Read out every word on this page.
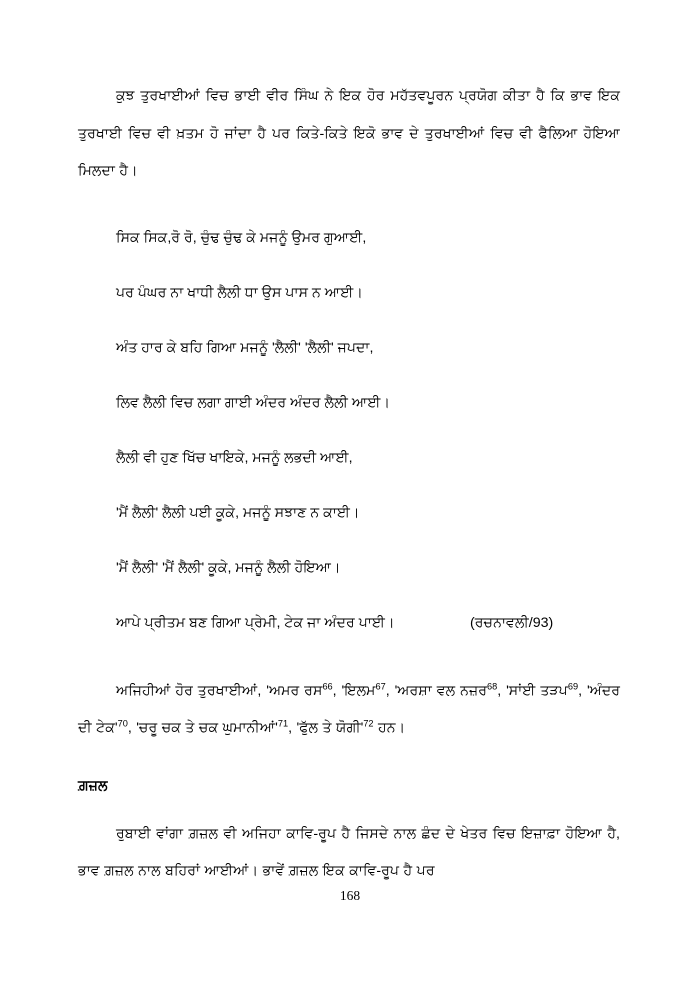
ਕੁਝ ਤੁਰਖਾਈਆਂ ਵਿਚ ਭਾਈ ਵੀਰ ਸਿੰਘ ਨੇ ਇਕ ਹੋਰ ਮਹੱਤਵਪੂਰਨ ਪ੍ਰਯੋਗ ਕੀਤਾ ਹੈ ਕਿ ਭਾਵ ਇਕ ਤੁਰਖਾਈ ਵਿਚ ਵੀ ਖ਼ਤਮ ਹੋ ਜਾਂਦਾ ਹੈ ਪਰ ਕਿਤੇ-ਕਿਤੇ ਇਕੋ ਭਾਵ ਦੇ ਤੁਰਖਾਈਆਂ ਵਿਚ ਵੀ ਫੈਲਿਆ ਹੋਇਆ ਮਿਲਦਾ ਹੈ।

ਸਿਕ ਸਿਕ,ਰੋ ਰੋ, ਚੁੰਢ ਚੁੰਢ ਕੇ ਮਜਨੂੰ ਉਮਰ ਗੁਆਈ,

ਪਰ ਪੰਘਰ ਨਾ ਖਾਧੀ ਲੈਲੀ ਧਾ ਉਸ ਪਾਸ ਨ ਆਈ।

ਅੰਤ ਹਾਰ ਕੇ ਬਹਿ ਗਿਆ ਮਜਨੂੰ 'ਲੈਲੀ' 'ਲੈਲੀ' ਜਪਦਾ,

ਲਿਵ ਲੈਲੀ ਵਿਚ ਲਗਾ ਗਾਈ ਅੰਦਰ ਅੰਦਰ ਲੈਲੀ ਆਈ।

ਲੈਲੀ ਵੀ ਹੁਣ ਖਿੱਚ ਖਾਇਕੇ, ਮਜਨੂੰ ਲਭਦੀ ਆਈ,

'ਮੈਂ ਲੈਲੀ' ਲੈਲੀ ਪਈ ਕੂਕੇ, ਮਜਨੂੰ ਸਝਾਣ ਨ ਕਾਈ।

'ਮੈਂ ਲੈਲੀ' 'ਮੈਂ ਲੈਲੀ' ਕੂਕੇ, ਮਜਨੂੰ ਲੈਲੀ ਹੋਇਆ।

ਆਪੇ ਪ੍ਰੀਤਮ ਬਣ ਗਿਆ ਪ੍ਰੇਮੀ, ਟੇਕ ਜਾ ਅੰਦਰ ਪਾਈ।	(ਰਚਨਾਵਲੀ/93)

ਅਜਿਹੀਆਂ ਹੋਰ ਤੁਰਖਾਈਆਂ, 'ਅਮਰ ਰਸ$^{66}$, 'ਇਲਮ$^{67}$, 'ਅਰਸ਼ਾ ਵਲ ਨਜ਼ਰ$^{68}$, 'ਸਾਂਈ ਤੜਪ$^{69}$, 'ਅੰਦਰ ਦੀ $ਟੇਕ'^{70}$, 'ਚਰੂ ਚਕ ਤੇ ਚਕ $ਘੁਮਾਨੀਆਂ'^{71}$, 'ਫੁੱਲ ਤੇ $ਯੋਗੀ'^{72}$ ਹਨ।

ਗ਼ਜ਼ਲ

ਰੁਬਾਈ ਵਾਂਗਾ ਗ਼ਜ਼ਲ ਵੀ ਅਜਿਹਾ ਕਾਵਿ-ਰੂਪ ਹੈ ਜਿਸਦੇ ਨਾਲ ਛੰਦ ਦੇ ਖੇਤਰ ਵਿਚ ਇਜ਼ਾਫ਼ਾ ਹੋਇਆ ਹੈ, ਭਾਵ ਗ਼ਜ਼ਲ ਨਾਲ ਬਹਿਰਾਂ ਆਈਆਂ। ਭਾਵੇਂ ਗ਼ਜ਼ਲ ਇਕ ਕਾਵਿ-ਰੂਪ ਹੈ ਪਰ

168
